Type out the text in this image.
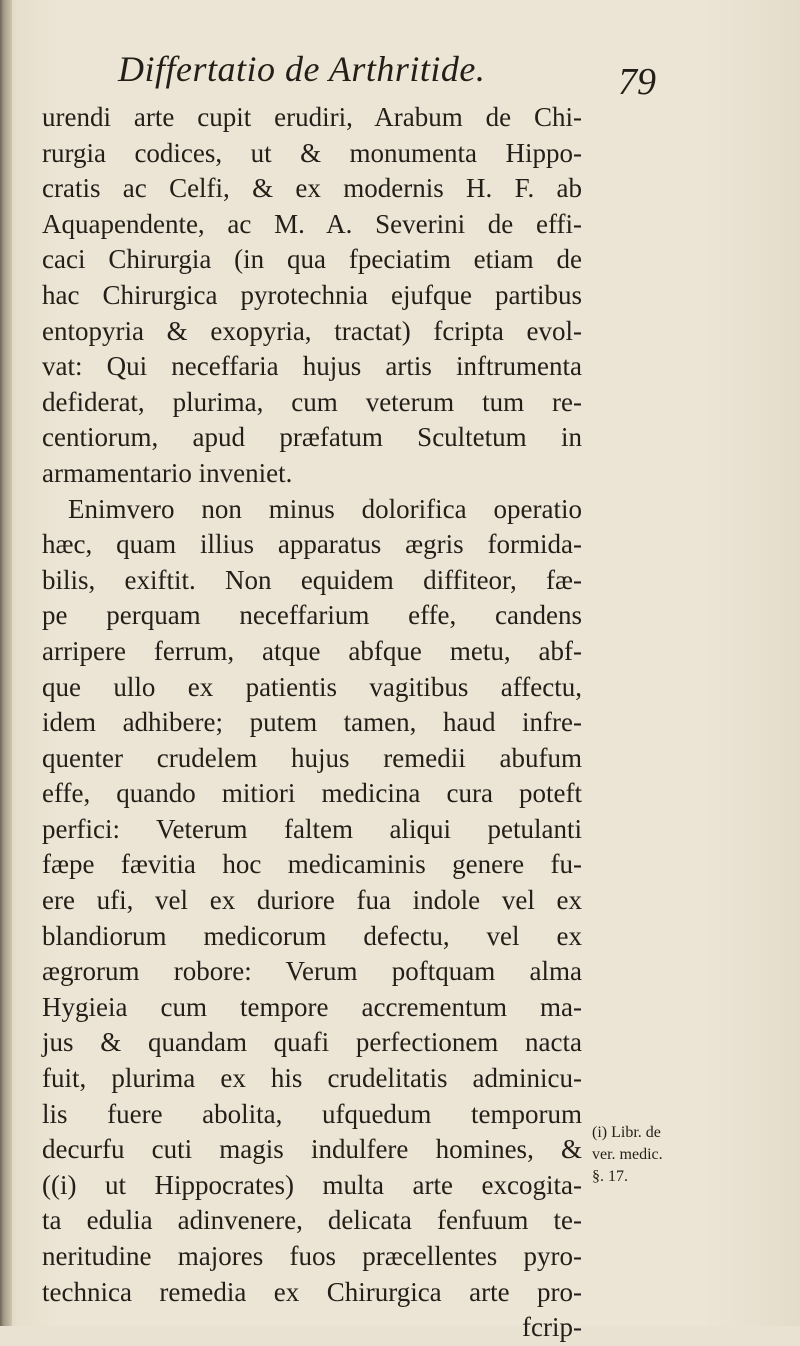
Differtatio de Arthritide.	79
urendi arte cupit erudiri, Arabum de Chi-
rurgia codices, ut & monumenta Hippo-
cratis ac Celfi, & ex modernis H. F. ab
Aquapendente, ac M. A. Severini de effi-
caci Chirurgia (in qua fpeciatim etiam de
hac Chirurgica pyrotechnia ejufque partibus
entopyria & exopyria, tractat) fcripta evol-
vat: Qui neceffaria hujus artis inftrumenta
defiderat, plurima, cum veterum tum re-
centiorum, apud præfatum Scultetum in
armamentario inveniet.
Enimvero non minus dolorifica operatio
hæc, quam illius apparatus ægris formida-
bilis, exiftit. Non equidem diffiteor, fæ-
pe perquam neceffarium effe, candens
arripere ferrum, atque abfque metu, abf-
que ullo ex patientis vagitibus affectu,
idem adhibere; putem tamen, haud infre-
quenter crudelem hujus remedii abufum
effe, quando mitiori medicina cura poteft
perfici: Veterum faltem aliqui petulanti
fæpe fævitia hoc medicaminis genere fu-
ere ufi, vel ex duriore fua indole vel ex
blandiorum medicorum defectu, vel ex
ægrorum robore: Verum poftquam alma
Hygieia cum tempore accrementum ma-
jus & quandam quafi perfectionem nacta
fuit, plurima ex his crudelitatis adminicu-
lis fuere abolita, ufquedum temporum
decurfu cuti magis indulfere homines, &
((i) ut Hippocrates) multa arte excogita-
ta edulia adinvenere, delicata fenfuum te-
neritudine majores fuos præcellentes pyro-
technica remedia ex Chirurgica arte pro-
fcrip-
(i) Libr. de
ver. medic.
§. 17.
